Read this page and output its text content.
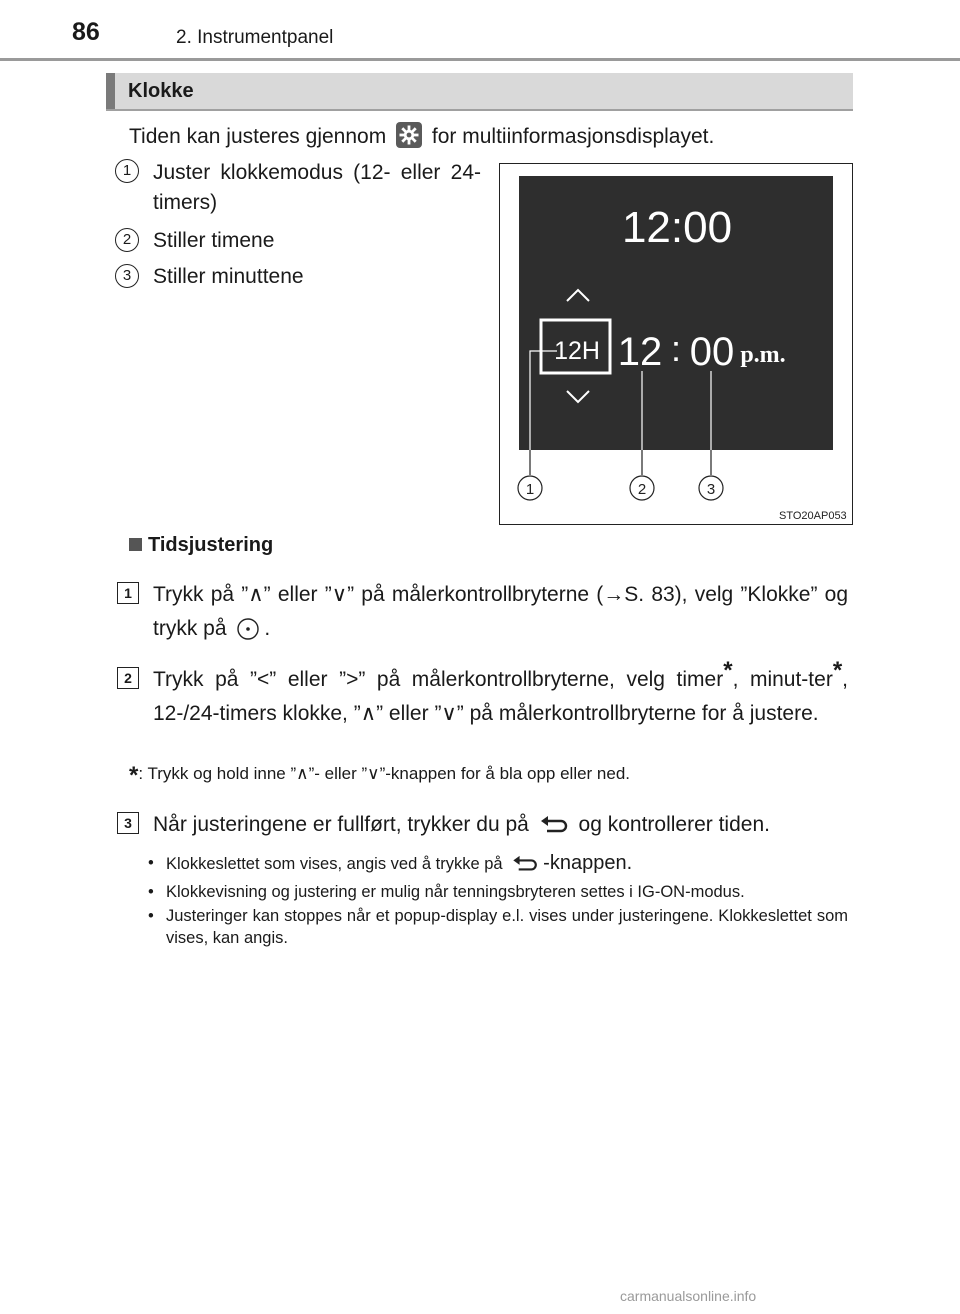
86	2. Instrumentpanel
Klokke
Tiden kan justeres gjennom for multiinformasjonsdisplayet.
1	Juster klokkemodus (12- eller 24-timers)
2	Stiller timene
3	Stiller minuttene
12:00
12H 12 : 00 p.m.
1	2	3
STO20AP053
Tidsjustering
1	Trykk på ”∧” eller ”∨” på målerkontrollbryterne (→S. 83), velg ”Klokke” og trykk på .
2	Trykk på ”<” eller ”>” på målerkontrollbryterne, velg timer*, minut-ter*, 12-/24-timers klokke, ”∧” eller ”∨” på målerkontrollbryterne for å justere.
*: Trykk og hold inne ”∧”- eller ”∨”-knappen for å bla opp eller ned.
3	Når justeringene er fullført, trykker du på og kontrollerer tiden.
• Klokkeslettet som vises, angis ved å trykke på -knappen.
• Klokkevisning og justering er mulig når tenningsbryteren settes i IG-ON-modus.
• Justeringer kan stoppes når et popup-display e.l. vises under justeringene. Klokkeslettet som vises, kan angis.
carmanualsonline.info
